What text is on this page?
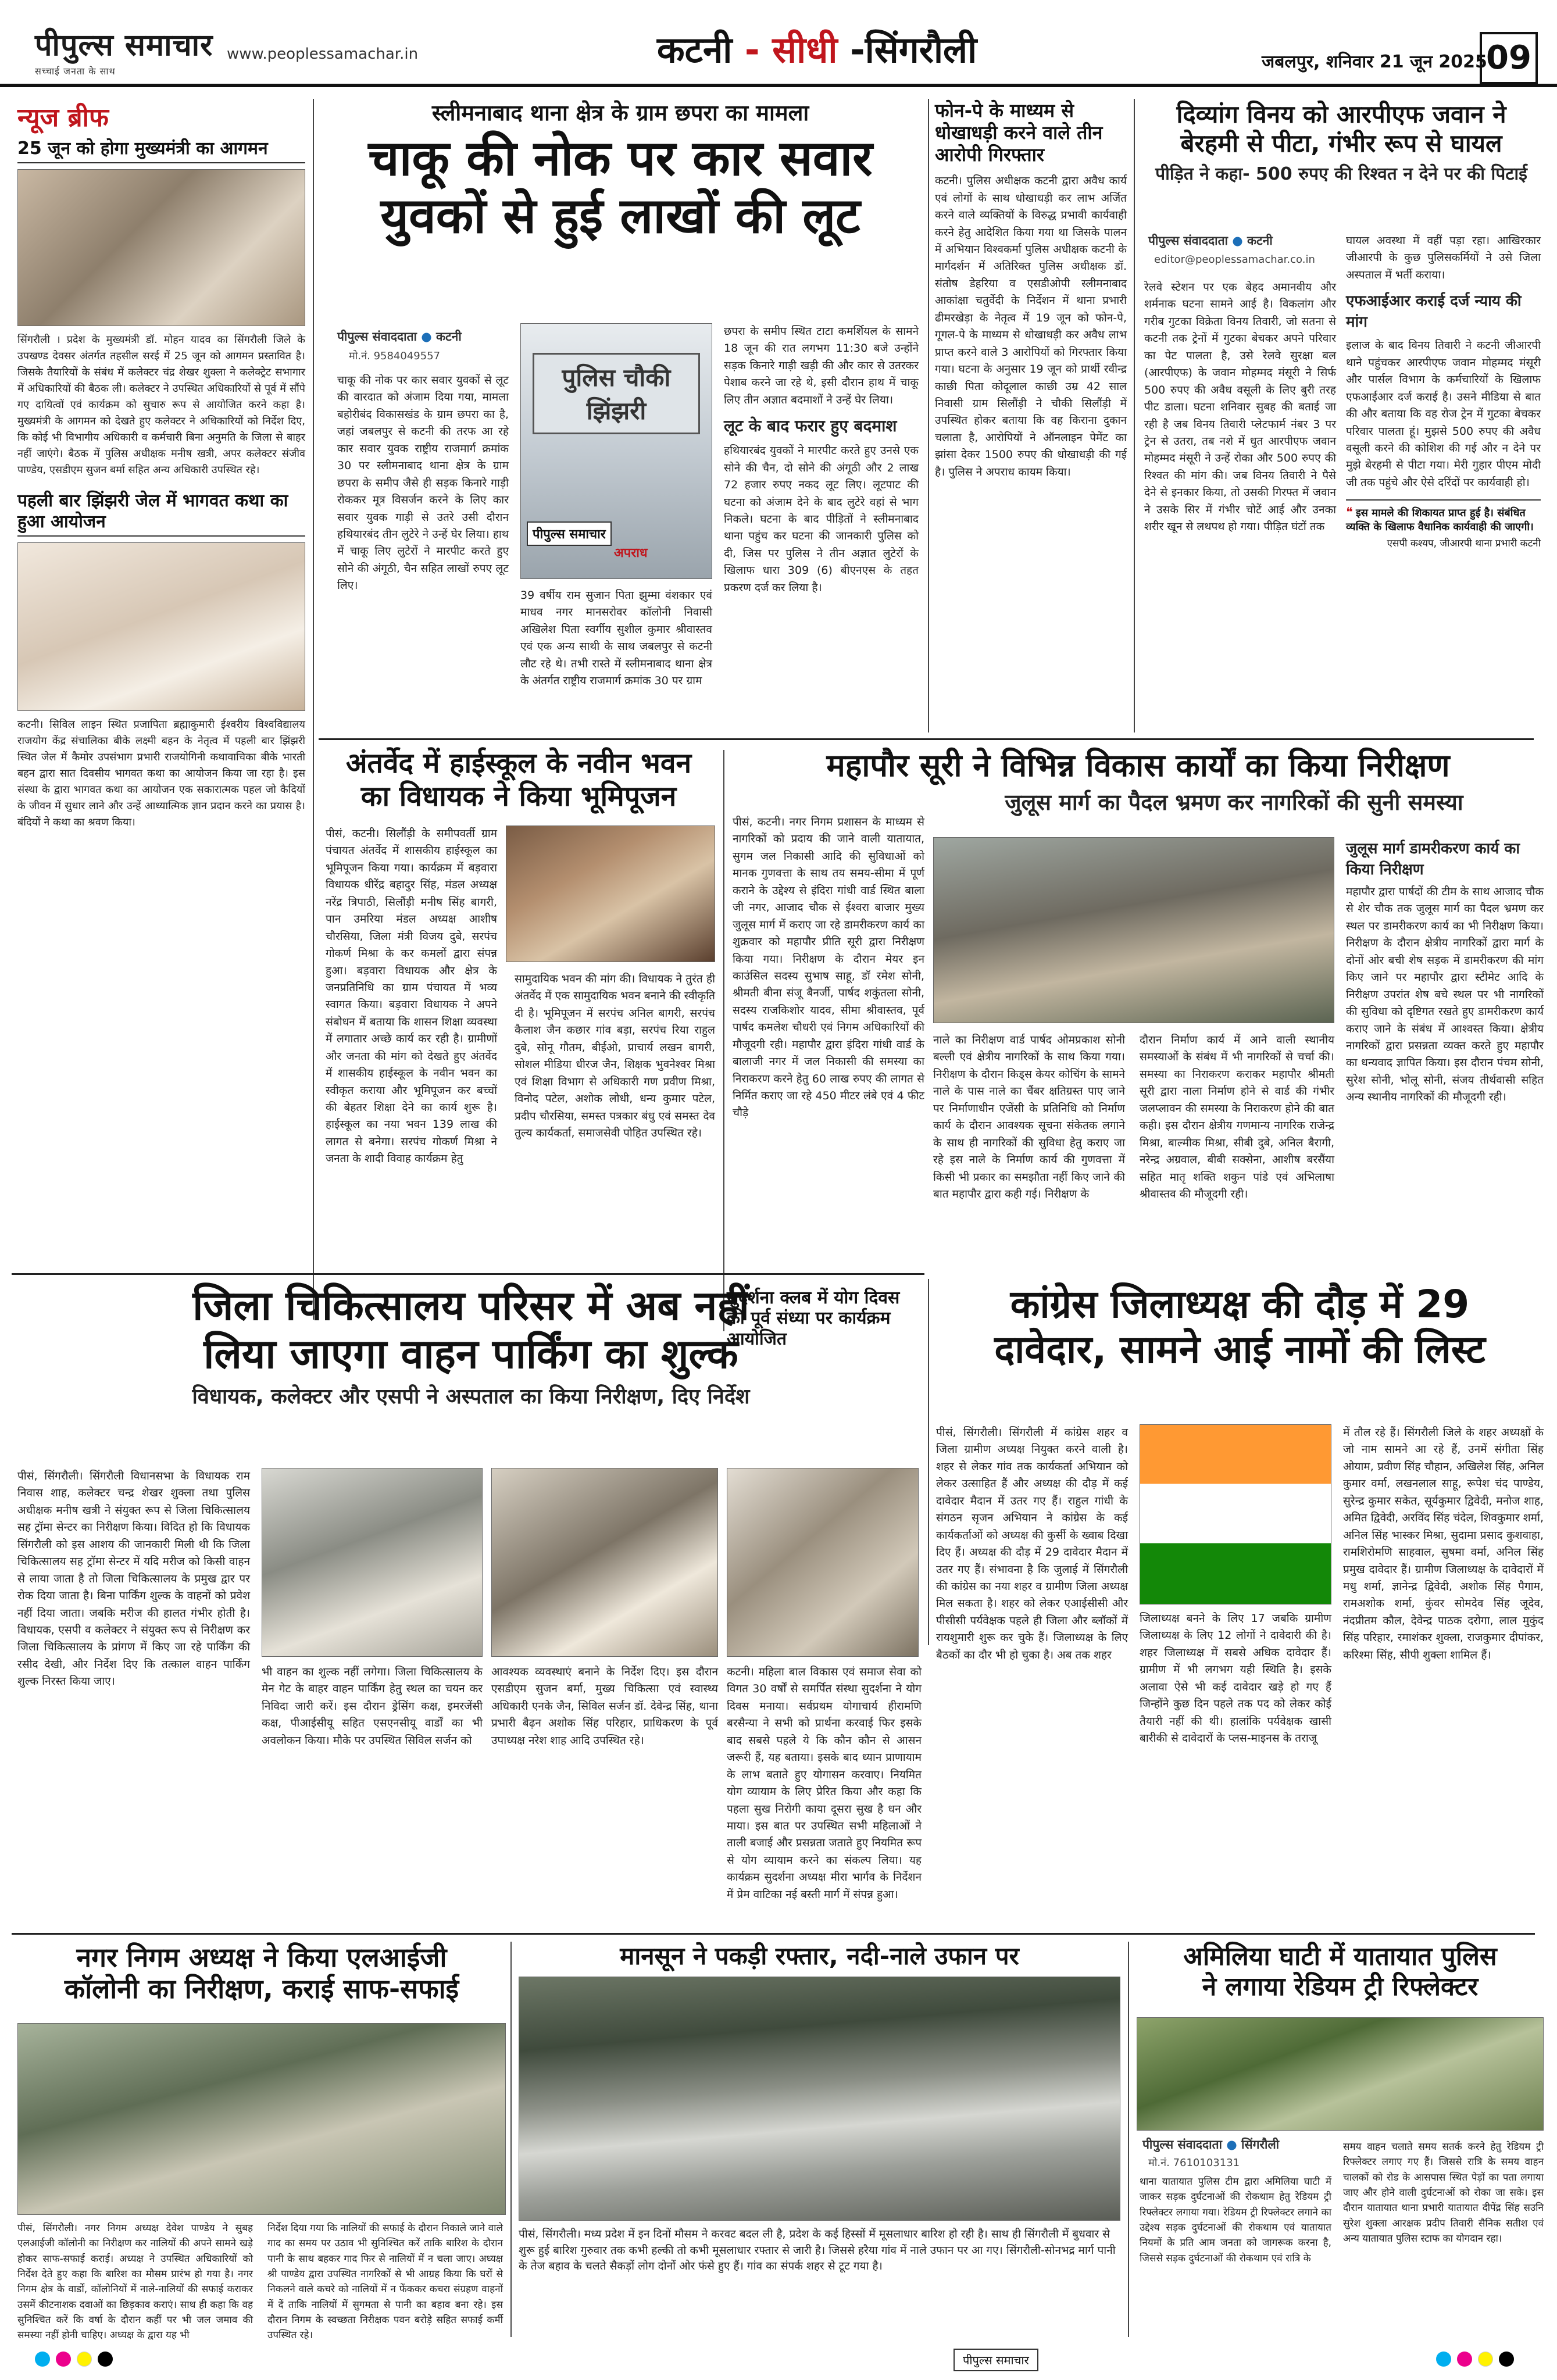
पीपुल्स समाचार
सच्चाई जनता के साथ
www.peoplessamachar.in	कटनी - सीधी -सिंगरौली	जबलपुर, शनिवार 21 जून 2025
09
न्यूज ब्रीफ
25 जून को होगा मुख्यमंत्री का आगमन
सिंगरौली । प्रदेश के मुख्यमंत्री डॉ. मोहन यादव का सिंगरौली जिले के उपखण्ड देवसर अंतर्गत तहसील सरई में 25 जून को आगमन प्रस्तावित है। जिसके तैयारियों के संबंध में कलेक्टर चंद्र शेखर शुक्ला ने कलेक्ट्रेट सभागार में अधिकारियों की बैठक ली। कलेक्टर ने उपस्थित अधिकारियों से पूर्व में सौंपे गए दायित्वों एवं कार्यक्रम को सुचारु रूप से आयोजित करने कहा है। मुख्यमंत्री के आगमन को देखते हुए कलेक्टर ने अधिकारियों को निर्देश दिए, कि कोई भी विभागीय अधिकारी व कर्मचारी बिना अनुमति के जिला से बाहर नहीं जाएंगे। बैठक में पुलिस अधीक्षक मनीष खत्री, अपर कलेक्टर संजीव पाण्डेय, एसडीएम सुजन बर्मा सहित अन्य अधिकारी उपस्थित रहे।
पहली बार झिंझरी जेल में भागवत कथा का हुआ आयोजन
कटनी। सिविल लाइन स्थित प्रजापिता ब्रह्माकुमारी ईश्वरीय विश्वविद्यालय राजयोग केंद्र संचालिका बीके लक्ष्मी बहन के नेतृत्व में पहली बार झिंझरी स्थित जेल में कैमोर उपसंभाग प्रभारी राजयोगिनी कथावाचिका बीके भारती बहन द्वारा सात दिवसीय भागवत कथा का आयोजन किया जा रहा है। इस संस्था के द्वारा भागवत कथा का आयोजन एक सकारात्मक पहल जो कैदियों के जीवन में सुधार लाने और उन्हें आध्यात्मिक ज्ञान प्रदान करने का प्रयास है। बंदियों ने कथा का श्रवण किया।
स्लीमनाबाद थाना क्षेत्र के ग्राम छपरा का मामला
चाकू की नोक पर कार सवार
युवकों से हुई लाखों की लूट
पीपुल्स संवाददाता ● कटनी
मो.नं. 9584049557
पुलिस चौकी झिंझरी
पीपुल्स समाचार
अपराध
चाकू की नोक पर कार सवार युवकों से लूट की वारदात को अंजाम दिया गया, मामला बहोरीबंद विकासखंड के ग्राम छपरा का है, जहां जबलपुर से कटनी की तरफ आ रहे कार सवार युवक राष्ट्रीय राजमार्ग क्रमांक 30 पर स्लीमनाबाद थाना क्षेत्र के ग्राम छपरा के समीप जैसे ही सड़क किनारे गाड़ी रोककर मूत्र विसर्जन करने के लिए कार सवार युवक गाड़ी से उतरे उसी दौरान हथियारबंद तीन लुटेरे ने उन्हें घेर लिया। हाथ में चाकू लिए लुटेरों ने मारपीट करते हुए सोने की अंगूठी, चैन सहित लाखों रुपए लूट लिए।
39 वर्षीय राम सुजान पिता झुम्मा वंशकार एवं माधव नगर मानसरोवर कॉलोनी निवासी अखिलेश पिता स्वर्गीय सुशील कुमार श्रीवास्तव एवं एक अन्य साथी के साथ जबलपुर से कटनी लौट रहे थे। तभी रास्ते में स्लीमनाबाद थाना क्षेत्र के अंतर्गत राष्ट्रीय राजमार्ग क्रमांक 30 पर ग्राम
छपरा के समीप स्थित टाटा कमर्शियल के सामने 18 जून की रात लगभग 11:30 बजे उन्होंने सड़क किनारे गाड़ी खड़ी की और कार से उतरकर पेशाब करने जा रहे थे, इसी दौरान हाथ में चाकू लिए तीन अज्ञात बदमाशों ने उन्हें घेर लिया।
लूट के बाद फरार हुए बदमाश
हथियारबंद युवकों ने मारपीट करते हुए उनसे एक सोने की चैन, दो सोने की अंगूठी और 2 लाख 72 हजार रुपए नकद लूट लिए। लूटपाट की घटना को अंजाम देने के बाद लुटेरे वहां से भाग निकले। घटना के बाद पीड़ितों ने स्लीमनाबाद थाना पहुंच कर घटना की जानकारी पुलिस को दी, जिस पर पुलिस ने तीन अज्ञात लुटेरों के खिलाफ धारा 309 (6) बीएनएस के तहत प्रकरण दर्ज कर लिया है।
फोन-पे के माध्यम से धोखाधड़ी करने वाले तीन आरोपी गिरफ्तार
कटनी। पुलिस अधीक्षक कटनी द्वारा अवैध कार्य एवं लोगों के साथ धोखाधड़ी कर लाभ अर्जित करने वाले व्यक्तियों के विरुद्ध प्रभावी कार्यवाही करने हेतु आदेशित किया गया था जिसके पालन में अभियान विश्वकर्मा पुलिस अधीक्षक कटनी के मार्गदर्शन में अतिरिक्त पुलिस अधीक्षक डॉ. संतोष डेहरिया व एसडीओपी स्लीमनाबाद आकांक्षा चतुर्वेदी के निर्देशन में थाना प्रभारी ढीमरखेड़ा के नेतृत्व में 19 जून को फोन-पे, गूगल-पे के माध्यम से धोखाधड़ी कर अवैध लाभ प्राप्त करने वाले 3 आरोपियों को गिरफ्तार किया गया। घटना के अनुसार 19 जून को प्रार्थी रवीन्द्र काछी पिता कोदूलाल काछी उम्र 42 साल निवासी ग्राम सिलौंड़ी ने चौकी सिलौंड़ी में उपस्थित होकर बताया कि वह किराना दुकान चलाता है, आरोपियों ने ऑनलाइन पेमेंट का झांसा देकर 1500 रुपए की धोखाधड़ी की गई है। पुलिस ने अपराध कायम किया।
दिव्यांग विनय को आरपीएफ जवान ने
बेरहमी से पीटा, गंभीर रूप से घायल
पीड़ित ने कहा- 500 रुपए की रिश्वत न देने पर की पिटाई
पीपुल्स संवाददाता ● कटनी
editor@peoplessamachar.co.in
रेलवे स्टेशन पर एक बेहद अमानवीय और शर्मनाक घटना सामने आई है। विकलांग और गरीब गुटका विक्रेता विनय तिवारी, जो सतना से कटनी तक ट्रेनों में गुटका बेचकर अपने परिवार का पेट पालता है, उसे रेलवे सुरक्षा बल (आरपीएफ) के जवान मोहम्मद मंसूरी ने सिर्फ 500 रुपए की अवैध वसूली के लिए बुरी तरह पीट डाला। घटना शनिवार सुबह की बताई जा रही है जब विनय तिवारी प्लेटफार्म नंबर 3 पर ट्रेन से उतरा, तब नशे में धुत आरपीएफ जवान मोहम्मद मंसूरी ने उन्हें रोका और 500 रुपए की रिश्वत की मांग की। जब विनय तिवारी ने पैसे देने से इनकार किया, तो उसकी गिरफ्त में जवान ने उसके सिर में गंभीर चोटें आई और उनका शरीर खून से लथपथ हो गया। पीड़ित घंटों तक
घायल अवस्था में वहीं पड़ा रहा। आखिरकार जीआरपी के कुछ पुलिसकर्मियों ने उसे जिला अस्पताल में भर्ती कराया।
एफआईआर कराई दर्ज न्याय की मांग
इलाज के बाद विनय तिवारी ने कटनी जीआरपी थाने पहुंचकर आरपीएफ जवान मोहम्मद मंसूरी और पार्सल विभाग के कर्मचारियों के खिलाफ एफआईआर दर्ज कराई है। उसने मीडिया से बात की और बताया कि वह रोज ट्रेन में गुटका बेचकर परिवार पालता हूं। मुझसे 500 रुपए की अवैध वसूली करने की कोशिश की गई और न देने पर मुझे बेरहमी से पीटा गया। मेरी गुहार पीएम मोदी जी तक पहुंचे और ऐसे दरिंदों पर कार्यवाही हो।
❝ इस मामले की शिकायत प्राप्त हुई है। संबंधित व्यक्ति के खिलाफ वैधानिक कार्यवाही की जाएगी।
एसपी कश्यप, जीआरपी थाना प्रभारी कटनी
अंतर्वेद में हाईस्कूल के नवीन भवन
का विधायक ने किया भूमिपूजन
पीसं, कटनी। सिलौंड़ी के समीपवर्ती ग्राम पंचायत अंतर्वेद में शासकीय हाईस्कूल का भूमिपूजन किया गया। कार्यक्रम में बड़वारा विधायक धीरेंद्र बहादुर सिंह, मंडल अध्यक्ष नरेंद्र त्रिपाठी, सिलौंड़ी मनीष सिंह बागरी, पान उमरिया मंडल अध्यक्ष आशीष चौरसिया, जिला मंत्री विजय दुबे, सरपंच गोकर्ण मिश्रा के कर कमलों द्वारा संपन्न हुआ। बड़वारा विधायक और क्षेत्र के जनप्रतिनिधि का ग्राम पंचायत में भव्य स्वागत किया। बड़वारा विधायक ने अपने संबोधन में बताया कि शासन शिक्षा व्यवस्था में लगातार अच्छे कार्य कर रही है। ग्रामीणों और जनता की मांग को देखते हुए अंतर्वेद में शासकीय हाईस्कूल के नवीन भवन का स्वीकृत कराया और भूमिपूजन कर बच्चों की बेहतर शिक्षा देने का कार्य शुरू है। हाईस्कूल का नया भवन 139 लाख की लागत से बनेगा। सरपंच गोकर्ण मिश्रा ने जनता के शादी विवाह कार्यक्रम हेतु
सामुदायिक भवन की मांग की। विधायक ने तुरंत ही अंतर्वेद में एक सामुदायिक भवन बनाने की स्वीकृति दी है। भूमिपूजन में सरपंच अनिल बागरी, सरपंच कैलाश जैन कछार गांव बड़ा, सरपंच रिया राहुल दुबे, सोनू गौतम, बीईओ, प्राचार्य लखन बागरी, सोशल मीडिया धीरज जैन, शिक्षक भुवनेश्वर मिश्रा एवं शिक्षा विभाग से अधिकारी गण प्रवीण मिश्रा, विनोद पटेल, अशोक लोधी, धन्य कुमार पटेल, प्रदीप चौरसिया, समस्त पत्रकार बंधु एवं समस्त देव तुल्य कार्यकर्ता, समाजसेवी पोहित उपस्थित रहे।
महापौर सूरी ने विभिन्न विकास कार्यों का किया निरीक्षण
जुलूस मार्ग का पैदल भ्रमण कर नागरिकों की सुनी समस्या
पीसं, कटनी। नगर निगम प्रशासन के माध्यम से नागरिकों को प्रदाय की जाने वाली यातायात, सुगम जल निकासी आदि की सुविधाओं को मानक गुणवत्ता के साथ तय समय-सीमा में पूर्ण कराने के उद्देश्य से इंदिरा गांधी वार्ड स्थित बाला जी नगर, आजाद चौक से ईश्वरा बाजार मुख्य जुलूस मार्ग में कराए जा रहे डामरीकरण कार्य का शुक्रवार को महापौर प्रीति सूरी द्वारा निरीक्षण किया गया। निरीक्षण के दौरान मेयर इन काउंसिल सदस्य सुभाष साहू, डॉ रमेश सोनी, श्रीमती बीना संजू बैनर्जी, पार्षद शकुंतला सोनी, सदस्य राजकिशोर यादव, सीमा श्रीवास्तव, पूर्व पार्षद कमलेश चौधरी एवं निगम अधिकारियों की मौजूदगी रही। महापौर द्वारा इंदिरा गांधी वार्ड के बालाजी नगर में जल निकासी की समस्या का निराकरण करने हेतु 60 लाख रुपए की लागत से निर्मित कराए जा रहे 450 मीटर लंबे एवं 4 फीट चौड़े
नाले का निरीक्षण वार्ड पार्षद ओमप्रकाश सोनी बल्ली एवं क्षेत्रीय नागरिकों के साथ किया गया। निरीक्षण के दौरान किड्स केयर कोचिंग के सामने नाले के पास नाले का चैंबर क्षतिग्रस्त पाए जाने पर निर्माणाधीन एजेंसी के प्रतिनिधि को निर्माण कार्य के दौरान आवश्यक सूचना संकेतक लगाने के साथ ही नागरिकों की सुविधा हेतु कराए जा रहे इस नाले के निर्माण कार्य की गुणवत्ता में किसी भी प्रकार का समझौता नहीं किए जाने की बात महापौर द्वारा कही गई। निरीक्षण के
दौरान निर्माण कार्य में आने वाली स्थानीय समस्याओं के संबंध में भी नागरिकों से चर्चा की। समस्या का निराकरण कराकर महापौर श्रीमती सूरी द्वारा नाला निर्माण होने से वार्ड की गंभीर जलप्लावन की समस्या के निराकरण होने की बात कही। इस दौरान क्षेत्रीय गणमान्य नागरिक राजेन्द्र मिश्रा, बाल्मीक मिश्रा, सीबी दुबे, अनिल बैरागी, नरेन्द्र अग्रवाल, बीबी सक्सेना, आशीष बरसैंया सहित मातृ शक्ति शकुन पांडे एवं अभिलाषा श्रीवास्तव की मौजूदगी रही।
जुलूस मार्ग डामरीकरण कार्य का किया निरीक्षण
महापौर द्वारा पार्षदों की टीम के साथ आजाद चौक से शेर चौक तक जुलूस मार्ग का पैदल भ्रमण कर स्थल पर डामरीकरण कार्य का भी निरीक्षण किया। निरीक्षण के दौरान क्षेत्रीय नागरिकों द्वारा मार्ग के दोनों ओर बची शेष सड़क में डामरीकरण की मांग किए जाने पर महापौर द्वारा स्टीमेट आदि के निरीक्षण उपरांत शेष बचे स्थल पर भी नागरिकों की सुविधा को दृष्टिगत रखते हुए डामरीकरण कार्य कराए जाने के संबंध में आश्वस्त किया। क्षेत्रीय नागरिकों द्वारा प्रसन्नता व्यक्त करते हुए महापौर का धन्यवाद ज्ञापित किया। इस दौरान पंचम सोनी, सुरेश सोनी, भोलू सोनी, संजय तीर्थवासी सहित अन्य स्थानीय नागरिकों की मौजूदगी रही।
जिला चिकित्सालय परिसर में अब नहीं
लिया जाएगा वाहन पार्किंग का शुल्क
विधायक, कलेक्टर और एसपी ने अस्पताल का किया निरीक्षण, दिए निर्देश
पीसं, सिंगरौली। सिंगरौली विधानसभा के विधायक राम निवास शाह, कलेक्टर चन्द्र शेखर शुक्ला तथा पुलिस अधीक्षक मनीष खत्री ने संयुक्त रूप से जिला चिकित्सालय सह ट्रॉमा सेन्टर का निरीक्षण किया। विदित हो कि विधायक सिंगरौली को इस आशय की जानकारी मिली थी कि जिला चिकित्सालय सह ट्रॉमा सेन्टर में यदि मरीज को किसी वाहन से लाया जाता है तो जिला चिकित्सालय के प्रमुख द्वार पर रोक दिया जाता है। बिना पार्किंग शुल्क के वाहनों को प्रवेश नहीं दिया जाता। जबकि मरीज की हालत गंभीर होती है। विधायक, एसपी व कलेक्टर ने संयुक्त रूप से निरीक्षण कर जिला चिकित्सालय के प्रांगण में किए जा रहे पार्किंग की रसीद देखी, और निर्देश दिए कि तत्काल वाहन पार्किंग शुल्क निरस्त किया जाए।
भी वाहन का शुल्क नहीं लगेगा। जिला चिकित्सालय के मेन गेट के बाहर वाहन पार्किंग हेतु स्थल का चयन कर निविदा जारी करें। इस दौरान ड्रेसिंग कक्ष, इमरजेंसी कक्ष, पीआईसीयू सहित एसएनसीयू वार्डों का भी अवलोकन किया। मौके पर उपस्थित सिविल सर्जन को
आवश्यक व्यवस्थाएं बनाने के निर्देश दिए। इस दौरान एसडीएम सुजन बर्मा, मुख्य चिकित्सा एवं स्वास्थ्य अधिकारी एनके जैन, सिविल सर्जन डॉ. देवेन्द्र सिंह, थाना प्रभारी बैढ़न अशोक सिंह परिहार, प्राधिकरण के पूर्व उपाध्यक्ष नरेश शाह आदि उपस्थित रहे।
सुदर्शना क्लब में योग दिवस की पूर्व संध्या पर कार्यक्रम आयोजित
कटनी। महिला बाल विकास एवं समाज सेवा को विगत 30 वर्षों से समर्पित संस्था सुदर्शना ने योग दिवस मनाया। सर्वप्रथम योगाचार्य हीरामणि बरसैन्या ने सभी को प्रार्थना करवाई फिर इसके बाद सबसे पहले ये कि कौन कौन से आसन जरूरी हैं, यह बताया। इसके बाद ध्यान प्राणायाम के लाभ बताते हुए योगासन करवाए। नियमित योग व्यायाम के लिए प्रेरित किया और कहा कि पहला सुख निरोगी काया दूसरा सुख है धन और माया। इस बात पर उपस्थित सभी महिलाओं ने ताली बजाई और प्रसन्नता जताते हुए नियमित रूप से योग व्यायाम करने का संकल्प लिया। यह कार्यक्रम सुदर्शना अध्यक्ष मीरा भार्गव के निर्देशन में प्रेम वाटिका नई बस्ती मार्ग में संपन्न हुआ।
कांग्रेस जिलाध्यक्ष की दौड़ में 29
दावेदार, सामने आई नामों की लिस्ट
पीसं, सिंगरौली। सिंगरौली में कांग्रेस शहर व जिला ग्रामीण अध्यक्ष नियुक्त करने वाली है। शहर से लेकर गांव तक कार्यकर्ता अभियान को लेकर उत्साहित हैं और अध्यक्ष की दौड़ में कई दावेदार मैदान में उतर गए हैं। राहुल गांधी के संगठन सृजन अभियान ने कांग्रेस के कई कार्यकर्ताओं को अध्यक्ष की कुर्सी के ख्वाब दिखा दिए हैं। अध्यक्ष की दौड़ में 29 दावेदार मैदान में उतर गए हैं। संभावना है कि जुलाई में सिंगरौली की कांग्रेस का नया शहर व ग्रामीण जिला अध्यक्ष मिल सकता है। शहर को लेकर एआईसीसी और पीसीसी पर्यवेक्षक पहले ही जिला और ब्लॉकों में रायशुमारी शुरू कर चुके हैं। जिलाध्यक्ष के लिए बैठकों का दौर भी हो चुका है। अब तक शहर
जिलाध्यक्ष बनने के लिए 17 जबकि ग्रामीण जिलाध्यक्ष के लिए 12 लोगों ने दावेदारी की है। शहर जिलाध्यक्ष में सबसे अधिक दावेदार हैं। ग्रामीण में भी लगभग यही स्थिति है। इसके अलावा ऐसे भी कई दावेदार खड़े हो गए हैं जिन्होंने कुछ दिन पहले तक पद को लेकर कोई तैयारी नहीं की थी। हालांकि पर्यवेक्षक खासी बारीकी से दावेदारों के प्लस-माइनस के तराजू
में तौल रहे हैं। सिंगरौली जिले के शहर अध्यक्षों के जो नाम सामने आ रहे हैं, उनमें संगीता सिंह ओयाम, प्रवीण सिंह चौहान, अखिलेश सिंह, अनिल कुमार वर्मा, लखनलाल साहू, रूपेश चंद पाण्डेय, सुरेन्द्र कुमार सकेत, सूर्यकुमार द्विवेदी, मनोज शाह, अमित द्विवेदी, अरविंद सिंह चंदेल, शिवकुमार शर्मा, अनिल सिंह भास्कर मिश्रा, सुदामा प्रसाद कुशवाहा, रामशिरोमणि साहवाल, सुषमा वर्मा, अनिल सिंह प्रमुख दावेदार हैं। ग्रामीण जिलाध्यक्ष के दावेदारों में मधु शर्मा, ज्ञानेन्द्र द्विवेदी, अशोक सिंह पैगाम, रामअशोक शर्मा, कुंवर सोमदेव सिंह जूदेव, नंदप्रीतम कौल, देवेन्द्र पाठक दरोगा, लाल मुकुंद सिंह परिहार, रमाशंकर शुक्ला, राजकुमार दीपांकर, करिश्मा सिंह, सीपी शुक्ला शामिल हैं।
नगर निगम अध्यक्ष ने किया एलआईजी
कॉलोनी का निरीक्षण, कराई साफ-सफाई
पीसं, सिंगरौली। नगर निगम अध्यक्ष देवेश पाण्डेय ने सुबह एलआईजी कॉलोनी का निरीक्षण कर नालियों की अपने सामने खड़े होकर साफ-सफाई कराई। अध्यक्ष ने उपस्थित अधिकारियों को निर्देश देते हुए कहा कि बारिश का मौसम प्रारंभ हो गया है। नगर निगम क्षेत्र के वार्डों, कॉलोनियों में नाले-नालियों की सफाई कराकर उसमें कीटनाशक दवाओं का छिड़काव कराएं। साथ ही कहा कि वह सुनिश्चित करें कि वर्षा के दौरान कहीं पर भी जल जमाव की समस्या नहीं होनी चाहिए। अध्यक्ष के द्वारा यह भी
निर्देश दिया गया कि नालियों की सफाई के दौरान निकाले जाने वाले गाद का समय पर उठाव भी सुनिश्चित करें ताकि बारिश के दौरान पानी के साथ बहकर गाद फिर से नालियों में न चला जाए। अध्यक्ष श्री पाण्डेय द्वारा उपस्थित नागरिकों से भी आग्रह किया कि घरों से निकलने वाले कचरे को नालियों में न फेंककर कचरा संग्रहण वाहनों में दें ताकि नालियों में सुगमता से पानी का बहाव बना रहे। इस दौरान निगम के स्वच्छता निरीक्षक पवन बरोड़े सहित सफाई कर्मी उपस्थित रहे।
मानसून ने पकड़ी रफ्तार, नदी-नाले उफान पर
पीसं, सिंगरौली। मध्य प्रदेश में इन दिनों मौसम ने करवट बदल ली है, प्रदेश के कई हिस्सों में मूसलाधार बारिश हो रही है। साथ ही सिंगरौली में बुधवार से शुरू हुई बारिश गुरुवार तक कभी हल्की तो कभी मूसलाधार रफ्तार से जारी है। जिससे हरैया गांव में नाले उफान पर आ गए। सिंगरौली-सोनभद्र मार्ग पानी के तेज बहाव के चलते सैकड़ों लोग दोनों ओर फंसे हुए हैं। गांव का संपर्क शहर से टूट गया है।
अमिलिया घाटी में यातायात पुलिस
ने लगाया रेडियम ट्री रिफ्लेक्टर
पीपुल्स संवाददाता ● सिंगरौली
मो.नं. 7610103131
थाना यातायात पुलिस टीम द्वारा अमिलिया घाटी में जाकर सड़क दुर्घटनाओं की रोकथाम हेतु रेडियम ट्री रिफ्लेक्टर लगाया गया। रेडियम ट्री रिफ्लेक्टर लगाने का उद्देश्य सड़क दुर्घटनाओं की रोकथाम एवं यातायात नियमों के प्रति आम जनता को जागरूक करना है, जिससे सड़क दुर्घटनाओं की रोकथाम एवं रात्रि के
समय वाहन चलाते समय सतर्क करने हेतु रेडियम ट्री रिफ्लेक्टर लगाए गए हैं। जिससे रात्रि के समय वाहन चालकों को रोड के आसपास स्थित पेड़ों का पता लगाया जाए और होने वाली दुर्घटनाओं को रोका जा सके। इस दौरान यातायात थाना प्रभारी यातायात दीपेंद्र सिंह सउनि सुरेश शुक्ला आरक्षक प्रदीप तिवारी सैनिक सतीश एवं अन्य यातायात पुलिस स्टाफ का योगदान रहा।
पीपुल्स समाचार
